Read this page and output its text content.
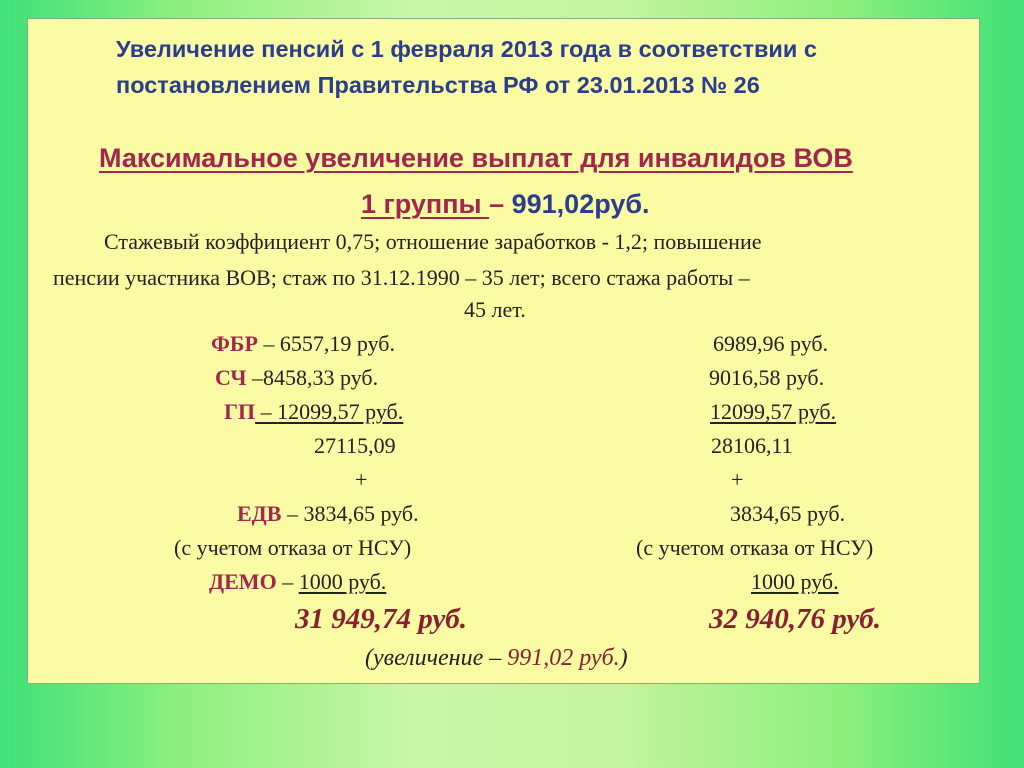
Увеличение пенсий с 1 февраля 2013 года в соответствии с
постановлением Правительства РФ от 23.01.2013 № 26
Максимальное увеличение выплат для инвалидов ВОВ
1 группы – 991,02руб.
Стажевый коэффициент 0,75; отношение заработков - 1,2; повышение
пенсии участника ВОВ; стаж по 31.12.1990 – 35 лет; всего стажа работы –
45 лет.
ФБР – 6557,19 руб.
СЧ –8458,33 руб.
ГП – 12099,57 руб.
27115,09
+
ЕДВ – 3834,65 руб.
(с учетом отказа от НСУ)
ДЕМО – 1000 руб.
31 949,74 руб.
6989,96 руб.
9016,58 руб.
12099,57 руб.
28106,11
+
3834,65 руб.
(с учетом отказа от НСУ)
1000 руб.
32 940,76 руб.
(увеличение – 991,02 руб.)
